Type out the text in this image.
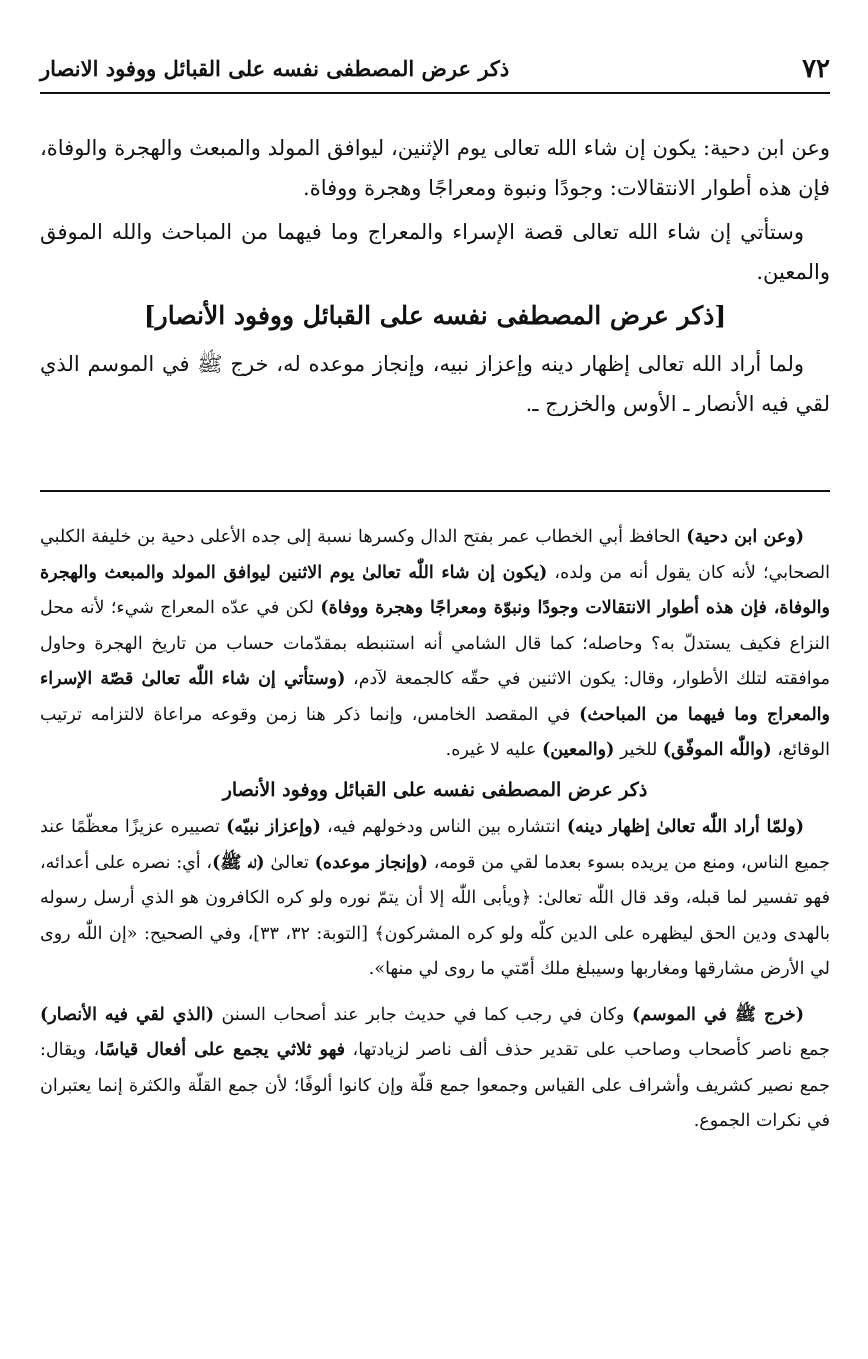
٧٢
ذكر عرض المصطفى نفسه على القبائل ووفود الانصار

وعن ابن دحية: يكون إن شاء الله تعالى يوم الإثنين، ليوافق المولد والمبعث والهجرة والوفاة، فإن هذه أطوار الانتقالات: وجودًا ونبوة ومعراجًا وهجرة ووفاة.

وستأتي إن شاء الله تعالى قصة الإسراء والمعراج وما فيهما من المباحث والله الموفق والمعين.

[ذكر عرض المصطفى نفسه على القبائل ووفود الأنصار]

ولما أراد الله تعالى إظهار دينه وإعزاز نبيه، وإنجاز موعده له، خرج ﷺ في الموسم الذي لقي فيه الأنصار ـ الأوس والخزرج ـ.

(وعن ابن دحية) الحافظ أبي الخطاب عمر بفتح الدال وكسرها نسبة إلى جده الأعلى دحية بن خليفة الكلبي الصحابي؛ لأنه كان يقول أنه من ولده، (يكون إن شاء اللّٰه تعالىٰ يوم الاثنين ليوافق المولد والمبعث والهجرة والوفاة، فإن هذه أطوار الانتقالات وجودًا ونبوّة ومعراجًا وهجرة ووفاة) لكن في عدّه المعراج شيء؛ لأنه محل النزاع فكيف يستدلّ به؟ وحاصله؛ كما قال الشامي أنه استنبطه بمقدّمات حساب من تاريخ الهجرة وحاول موافقته لتلك الأطوار، وقال: يكون الاثنين في حقّه كالجمعة لآدم، (وستأتي إن شاء اللّٰه تعالىٰ قصّة الإسراء والمعراج وما فيهما من المباحث) في المقصد الخامس، وإنما ذكر هنا زمن وقوعه مراعاة لالتزامه ترتيب الوقائع، (واللّٰه الموفّق) للخير (والمعين) عليه لا غيره.

ذكر عرض المصطفى نفسه على القبائل ووفود الأنصار

(ولمّا أراد اللّٰه تعالىٰ إظهار دينه) انتشاره بين الناس ودخولهم فيه، (وإعزاز نبيّه) تصييره عزيزًا معظّمًا عند جميع الناس، ومنع من يريده بسوء بعدما لقي من قومه، (وإنجاز موعده) تعالىٰ (له ﷺ)، أي: نصره على أعدائه، فهو تفسير لما قبله، وقد قال اللّٰه تعالىٰ: ﴿ويأبى اللّٰه إلا أن يتمّ نوره ولو كره الكافرون هو الذي أرسل رسوله بالهدى ودين الحق ليظهره على الدين كلّه ولو كره المشركون﴾ [التوبة: ٣٢، ٣٣]، وفي الصحيح: «إن اللّٰه روى لي الأرض مشارقها ومغاربها وسيبلغ ملك أمّتي ما روى لي منها».

(خرج ﷺ في الموسم) وكان في رجب كما في حديث جابر عند أصحاب السنن (الذي لقي فيه الأنصار) جمع ناصر كأصحاب وصاحب على تقدير حذف ألف ناصر لزيادتها، فهو ثلاثي يجمع على أفعال قياسًا، ويقال: جمع نصير كشريف وأشراف على القياس وجمعوا جمع قلّة وإن كانوا ألوفًا؛ لأن جمع القلّة والكثرة إنما يعتبران في نكرات الجموع.
